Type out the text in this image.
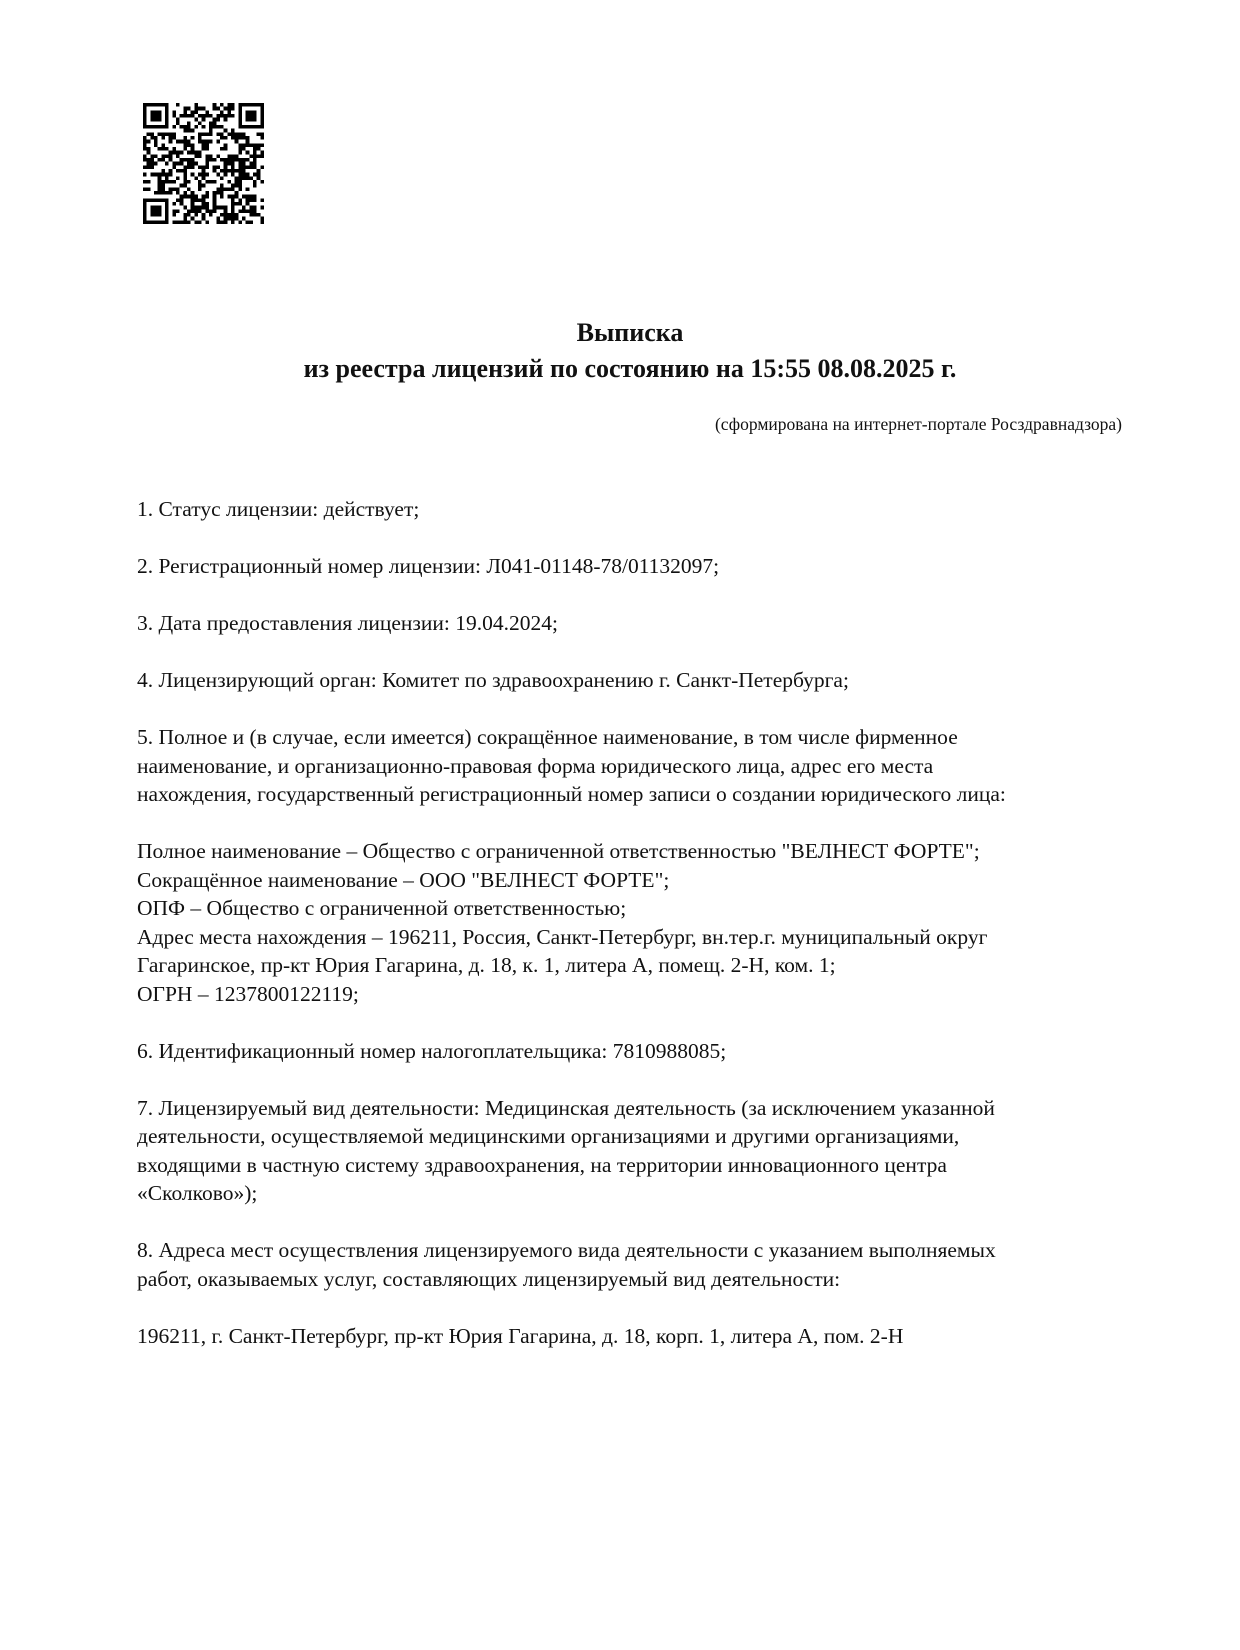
Выписка
из реестра лицензий по состоянию на 15:55 08.08.2025 г.
(сформирована на интернет-портале Росздравнадзора)
1. Статус лицензии: действует;
2. Регистрационный номер лицензии: Л041-01148-78/01132097;
3. Дата предоставления лицензии: 19.04.2024;
4. Лицензирующий орган: Комитет по здравоохранению г. Санкт-Петербурга;
5. Полное и (в случае, если имеется) сокращённое наименование, в том числе фирменное
наименование, и организационно-правовая форма юридического лица, адрес его места
нахождения, государственный регистрационный номер записи о создании юридического лица:
Полное наименование – Общество с ограниченной ответственностью "ВЕЛНЕСТ ФОРТЕ";
Сокращённое наименование – ООО "ВЕЛНЕСТ ФОРТЕ";
ОПФ – Общество с ограниченной ответственностью;
Адрес места нахождения – 196211, Россия, Санкт-Петербург, вн.тер.г. муниципальный округ
Гагаринское, пр-кт Юрия Гагарина, д. 18, к. 1, литера А, помещ. 2-Н, ком. 1;
ОГРН – 1237800122119;
6. Идентификационный номер налогоплательщика: 7810988085;
7. Лицензируемый вид деятельности: Медицинская деятельность (за исключением указанной
деятельности, осуществляемой медицинскими организациями и другими организациями,
входящими в частную систему здравоохранения, на территории инновационного центра
«Сколково»);
8. Адреса мест осуществления лицензируемого вида деятельности с указанием выполняемых
работ, оказываемых услуг, составляющих лицензируемый вид деятельности:
196211, г. Санкт-Петербург, пр-кт Юрия Гагарина, д. 18, корп. 1, литера А, пом. 2-Н
